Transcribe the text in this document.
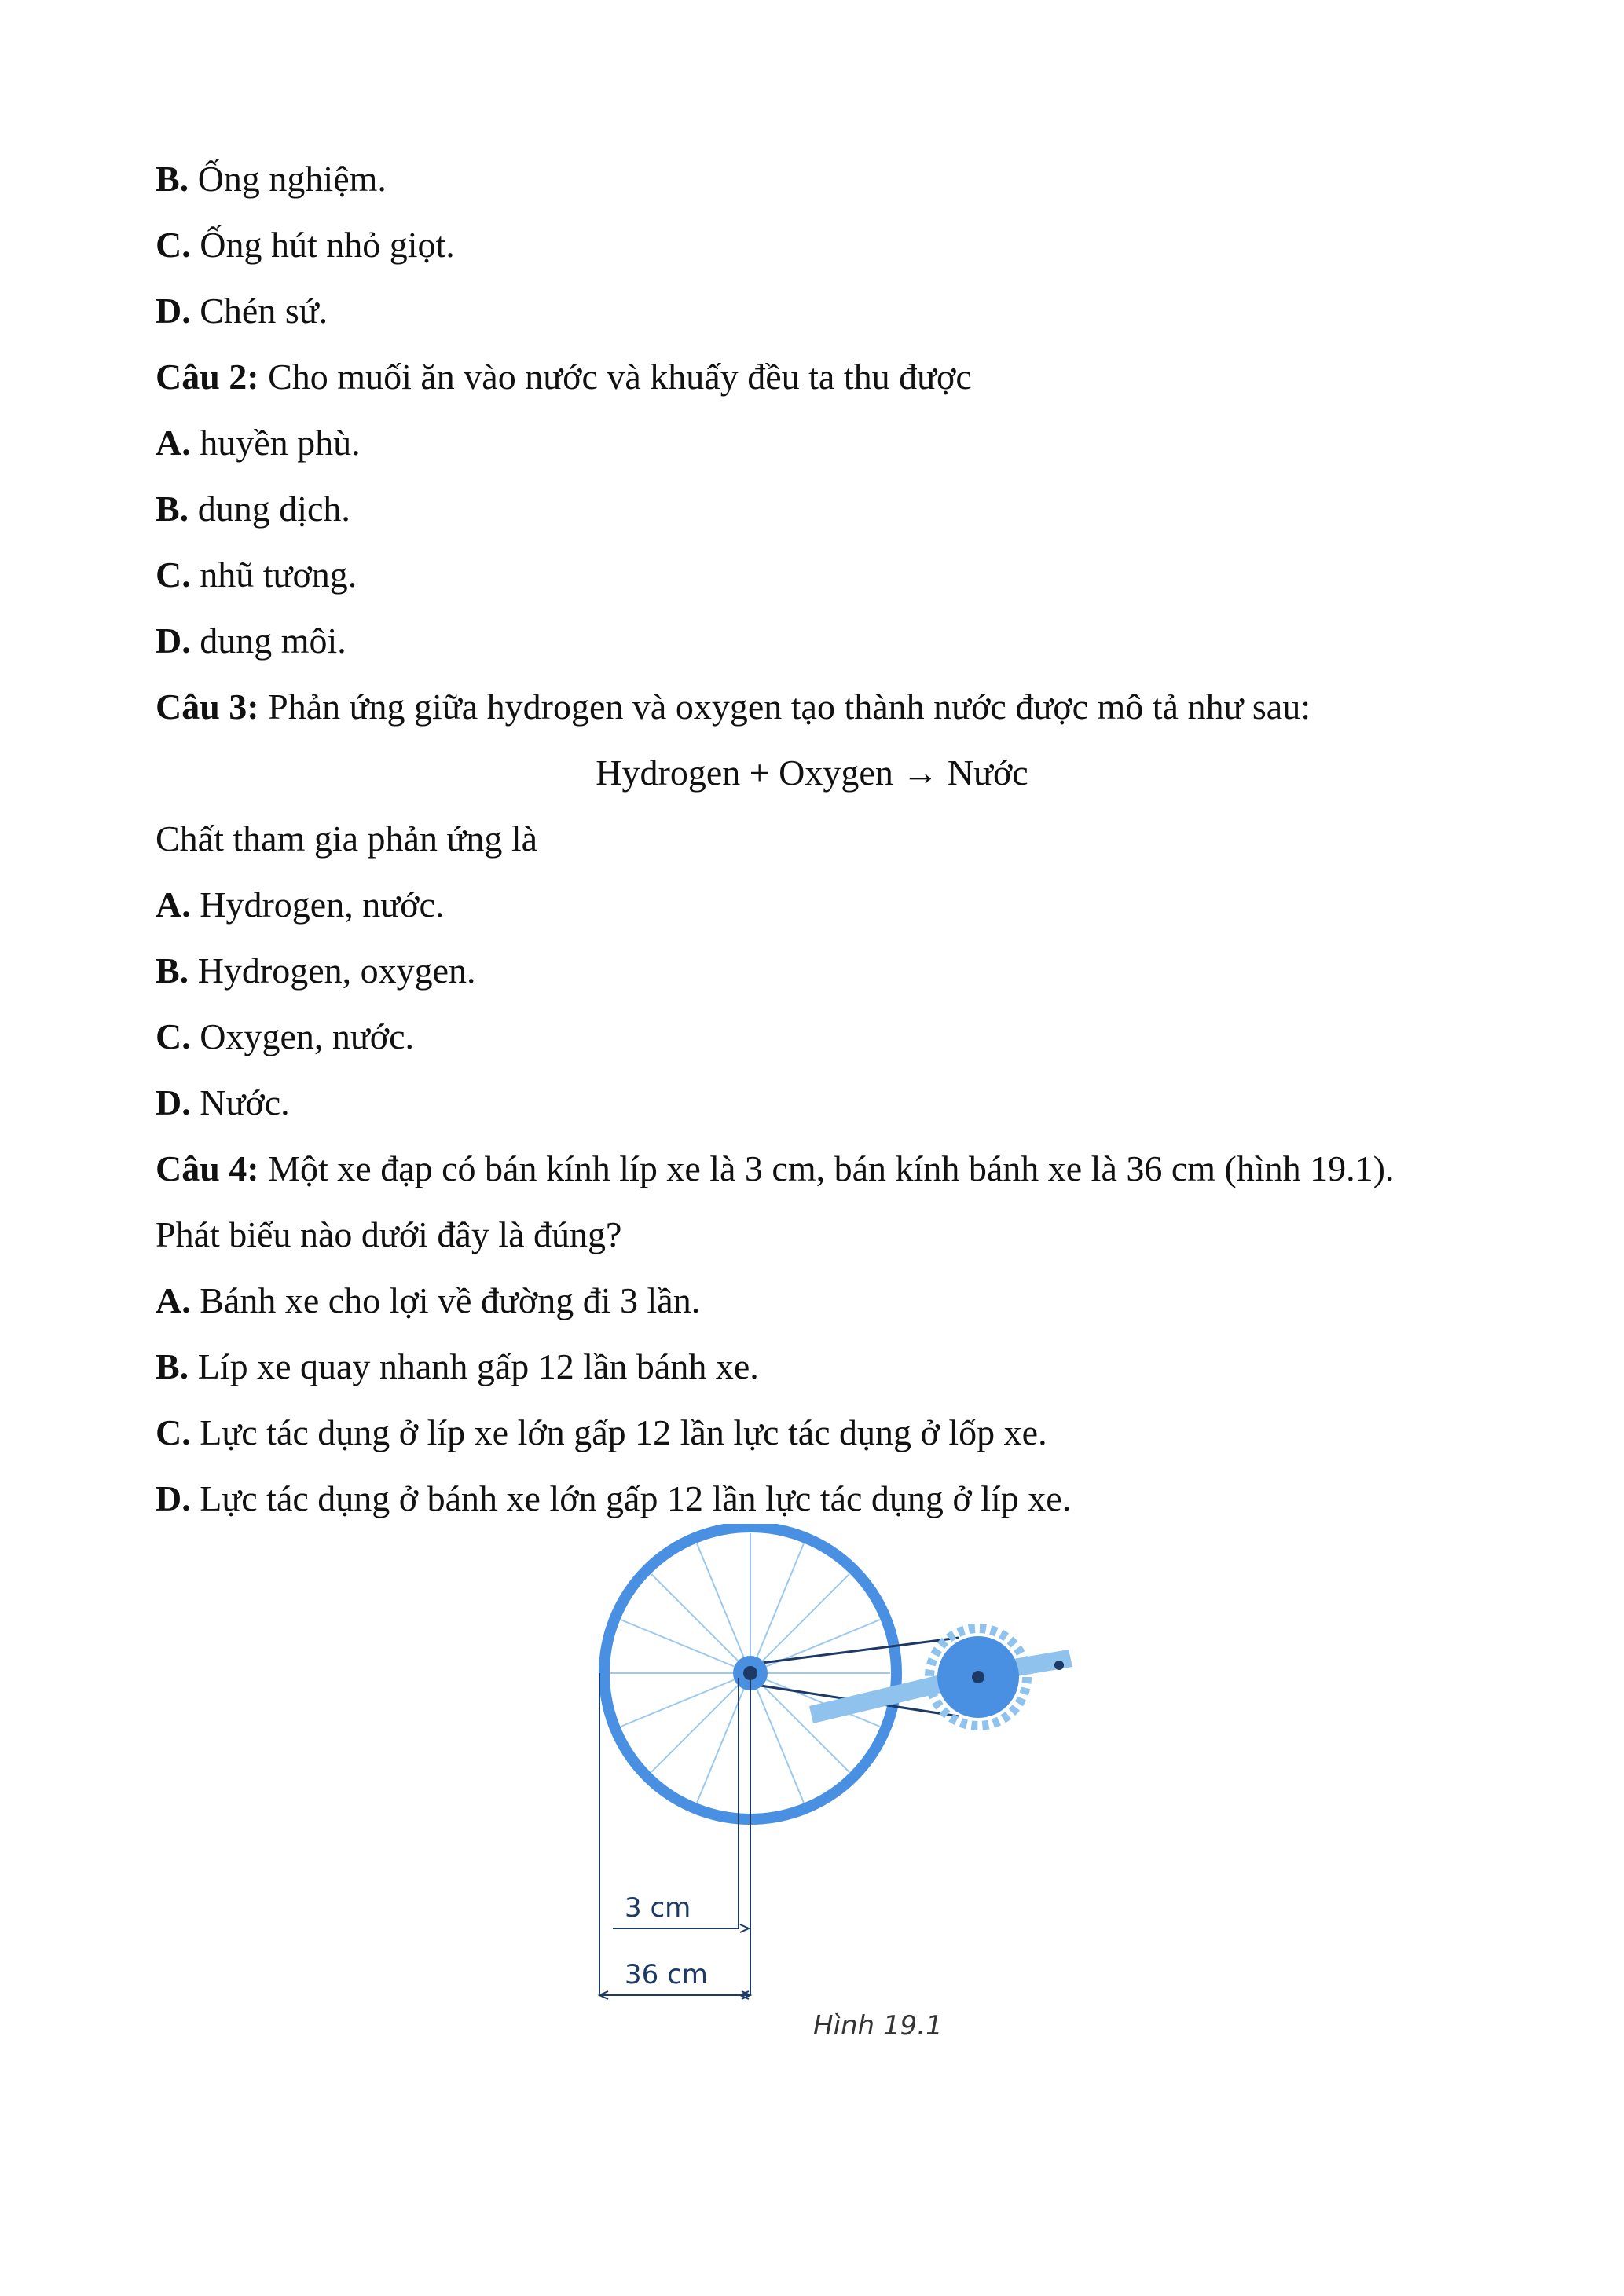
B. Ống nghiệm.
C. Ống hút nhỏ giọt.
D. Chén sứ.
Câu 2: Cho muối ăn vào nước và khuấy đều ta thu được
A. huyền phù.
B. dung dịch.
C. nhũ tương.
D. dung môi.
Câu 3: Phản ứng giữa hydrogen và oxygen tạo thành nước được mô tả như sau:
Hydrogen + Oxygen → Nước
Chất tham gia phản ứng là
A. Hydrogen, nước.
B. Hydrogen, oxygen.
C. Oxygen, nước.
D. Nước.
Câu 4: Một xe đạp có bán kính líp xe là 3 cm, bán kính bánh xe là 36 cm (hình 19.1).
Phát biểu nào dưới đây là đúng?
A. Bánh xe cho lợi về đường đi 3 lần.
B. Líp xe quay nhanh gấp 12 lần bánh xe.
C. Lực tác dụng ở líp xe lớn gấp 12 lần lực tác dụng ở lốp xe.
D. Lực tác dụng ở bánh xe lớn gấp 12 lần lực tác dụng ở líp xe.
3 cm
36 cm
Hình 19.1
